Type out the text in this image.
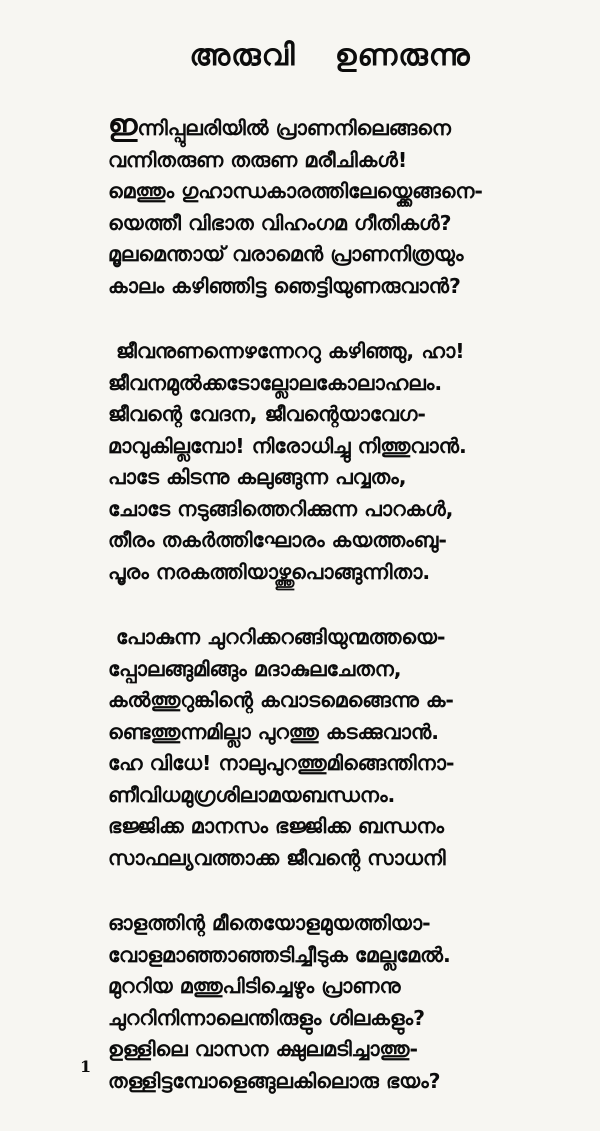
അരുവി ഉണരുന്നു
ഇന്നിപ്പുലരിയിൽ പ്രാണനിലെങ്ങനെ
വന്നിതരുണ തരുണ മരീചികൾ!
മെത്തും ഗുഹാന്ധകാരത്തിലേയ്ക്കെങ്ങനെ-
യെത്തീ വിഭാത വിഹംഗമ ഗീതികൾ?
മൂലമെന്തായ് വരാമെൻ പ്രാണനിത്രയും
കാലം കഴിഞ്ഞിട്ട ഞെട്ടിയുണരുവാൻ?
ജീവനുണന്നെഴന്നേററു കഴിഞ്ഞു, ഹാ!
ജീവനമുൽക്കടോല്ലോലകോലാഹലം.
ജീവന്റെ വേദന, ജീവന്റെയാവേഗ-
മാവുകില്ലമ്പോ! നിരോധിച്ചു നിത്തുവാൻ.
പാടേ കിടന്നു കലുങ്ങുന്ന പവ്വതം,
ചോടേ നടുങ്ങിത്തെറിക്കുന്ന പാറകൾ,
തീരം തകർത്തിഘോരം കയത്തംബു-
പൂരം നരകത്തിയാഴ്ത്തുപൊങ്ങുന്നിതാ.
പോകുന്ന ചുററിക്കറങ്ങിയുന്മത്തയെ-
പ്പോലങ്ങുമിങ്ങും മദാകുലചേതന,
കൽത്തുറുങ്കിന്റെ കവാടമെങ്ങെന്നു ക-
ണ്ടെത്തുന്നമില്ലാ പുറത്തു കടക്കുവാൻ.
ഹേ വിധേ! നാലുപുറത്തുമിങ്ങെന്തിനാ-
ണീവിധമുഗ്രശിലാമയബന്ധനം.
ഭജ്ജിക്ക മാനസം ഭജ്ജിക്ക ബന്ധനം
സാഫല്യവത്താക്ക ജീവന്റെ സാധനി
ഓളത്തിന്റ മീതെയോളമുയത്തിയാ-
വോളമാഞ്ഞാഞ്ഞടിച്ചീടുക മേല്ലമേൽ.
മുററിയ മത്തുപിടിച്ചെഴും പ്രാണനു
ചുററിനിന്നാലെന്തിരുളും ശിലകളും?
ഉള്ളിലെ വാസന ക്ഷുലമടിച്ചാത്തു-
തള്ളിട്ടമ്പോളെങ്ങുലകിലൊരു ഭയം?
1
